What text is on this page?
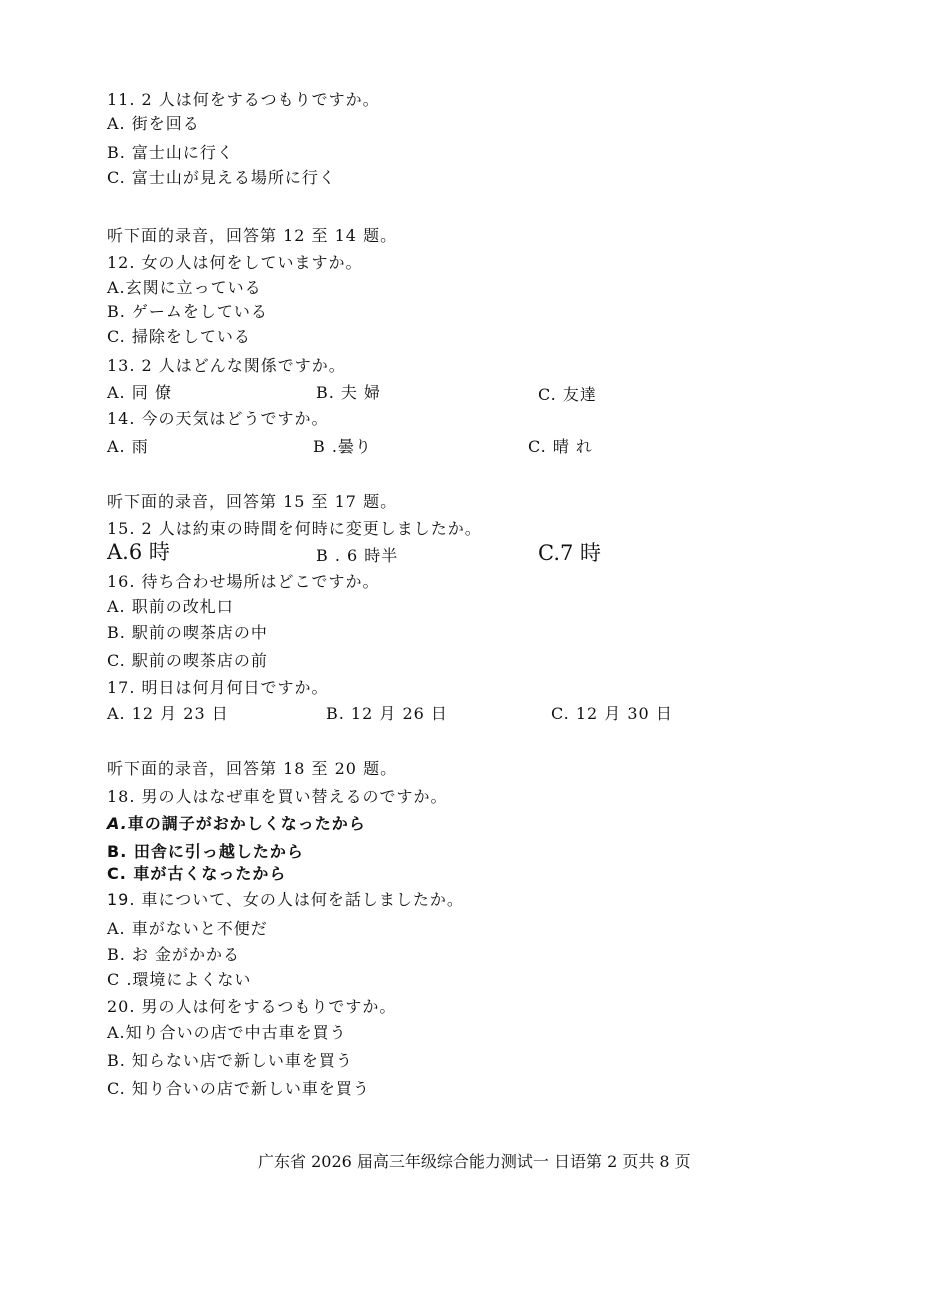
11. 2 人は何をするつもりですか。
A. 街を回る
B. 富士山に行く
C. 富士山が見える場所に行く
听下面的录音，回答第 12 至 14 题。
12. 女の人は何をしていますか。
A.玄関に立っている
B. ゲームをしている
C. 掃除をしている
13. 2 人はどんな関係ですか。
A. 同 僚	B. 夫 婦	C. 友達
14. 今の天気はどうですか。
A. 雨	B .曇り	C. 晴 れ
听下面的录音，回答第 15 至 17 题。
15. 2 人は約束の時間を何時に変更しましたか。
A.6 時	B . 6 時半	C.7 時
16. 待ち合わせ場所はどこですか。
A. 职前の改札口
B. 駅前の喫茶店の中
C. 駅前の喫茶店の前
17. 明日は何月何日ですか。
A. 12 月 23 日	B. 12 月 26 日	C. 12 月 30 日
听下面的录音，回答第 18 至 20 题。
18. 男の人はなぜ車を買い替えるのですか。
A.車の調子がおかしくなったから
B. 田舎に引っ越したから
C. 車が古くなったから
19. 車について、女の人は何を話しましたか。
A. 車がないと不便だ
B. お 金がかかる
C .環境によくない
20. 男の人は何をするつもりですか。
A.知り合いの店で中古車を買う
B. 知らない店で新しい車を買う
C. 知り合いの店で新しい車を買う
广东省 2026 届高三年级综合能力测试一 日语第 2 页共 8 页
